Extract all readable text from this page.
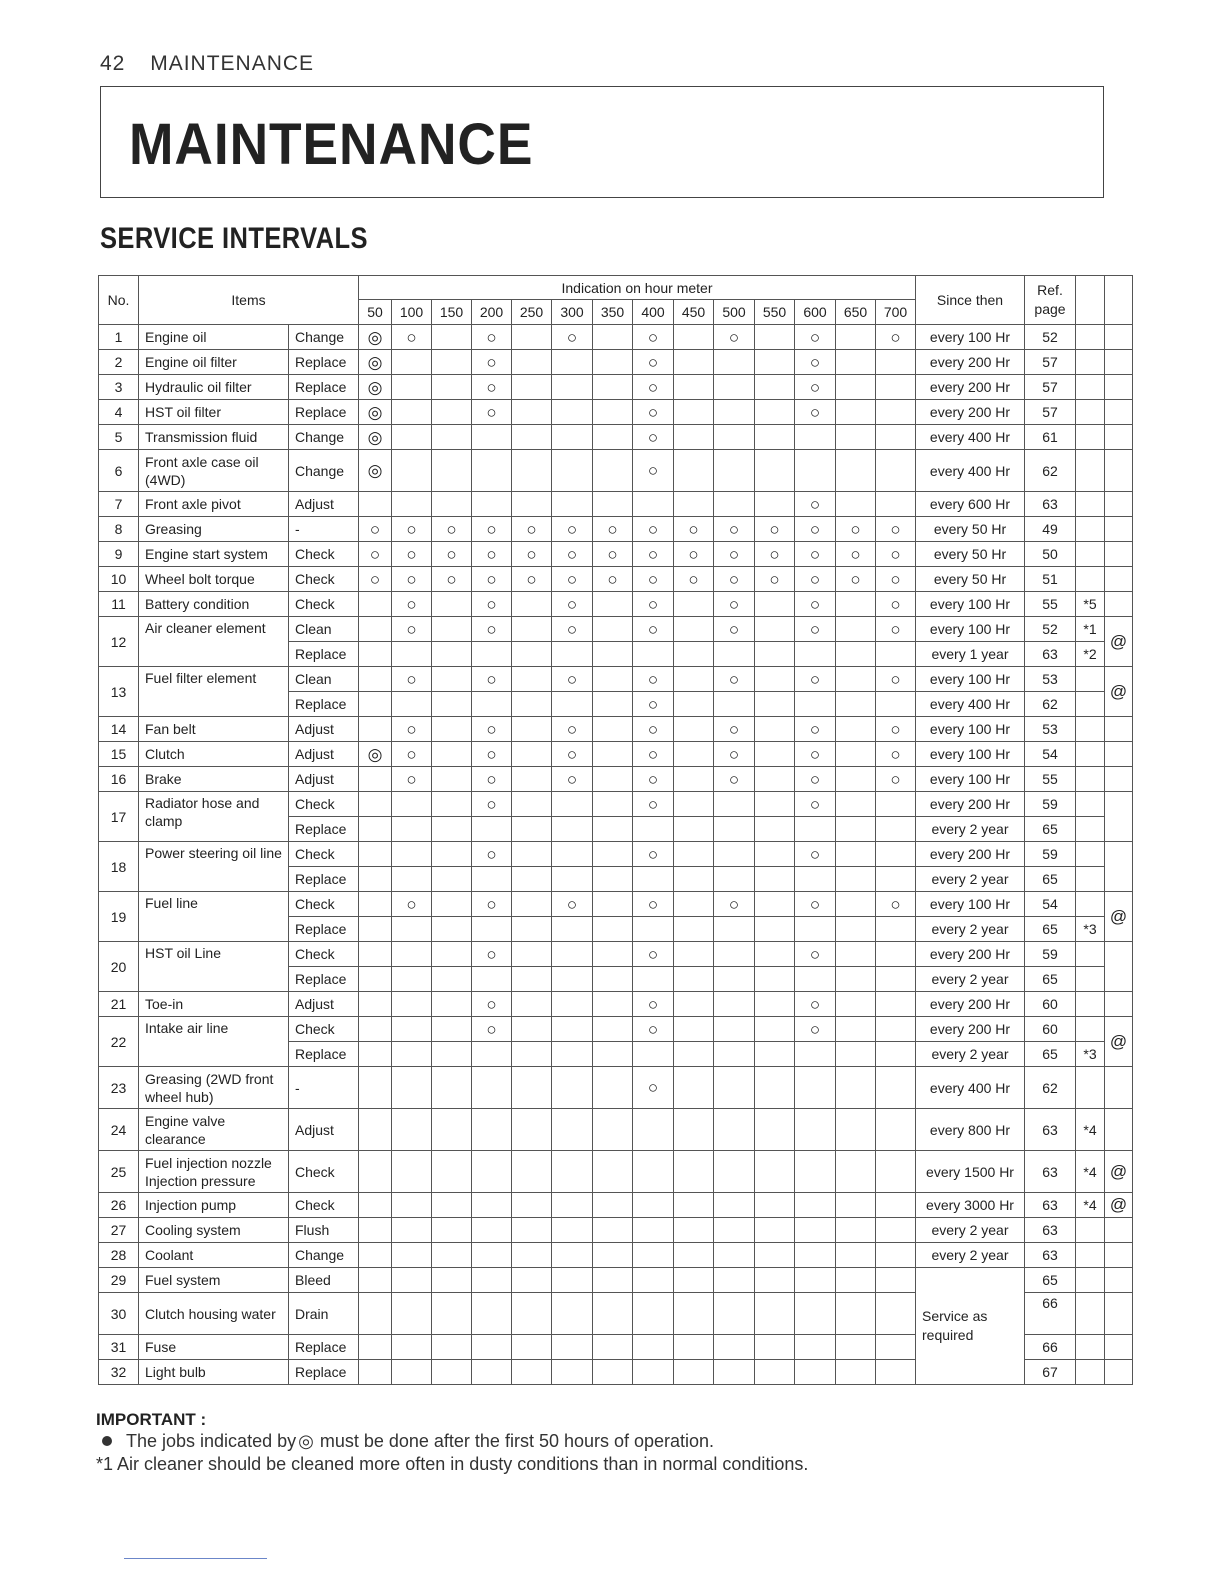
42 MAINTENANCE
MAINTENANCE
SERVICE INTERVALS
No.	Items		Indication on hour meter														Since then	Ref. page		
			50	100	150	200	250	300	350	400	450	500	550	600	650	700				
1	Engine oil	Change	◎	○		○		○		○		○		○		○	every 100 Hr	52		
2	Engine oil filter	Replace	◎			○				○				○			every 200 Hr	57		
3	Hydraulic oil filter	Replace	◎			○				○				○			every 200 Hr	57		
4	HST oil filter	Replace	◎			○				○				○			every 200 Hr	57		
5	Transmission fluid	Change	◎							○							every 400 Hr	61		
6	Front axle case oil (4WD)	Change	◎							○							every 400 Hr	62		
7	Front axle pivot	Adjust												○			every 600 Hr	63		
8	Greasing	-	○	○	○	○	○	○	○	○	○	○	○	○	○	○	every 50 Hr	49		
9	Engine start system	Check	○	○	○	○	○	○	○	○	○	○	○	○	○	○	every 50 Hr	50		
10	Wheel bolt torque	Check	○	○	○	○	○	○	○	○	○	○	○	○	○	○	every 50 Hr	51		
11	Battery condition	Check		○		○		○		○		○		○		○	every 100 Hr	55	*5	
12	Air cleaner element	Clean		○		○		○		○		○		○		○	every 100 Hr	52	*1	@
		Replace															every 1 year	63	*2	
13	Fuel filter element	Clean		○		○		○		○		○		○		○	every 100 Hr	53		@
		Replace								○							every 400 Hr	62		
14	Fan belt	Adjust		○		○		○		○		○		○		○	every 100 Hr	53		
15	Clutch	Adjust	◎	○		○		○		○		○		○		○	every 100 Hr	54		
16	Brake	Adjust		○		○		○		○		○		○		○	every 100 Hr	55		
17	Radiator hose and clamp	Check				○				○				○			every 200 Hr	59		
		Replace															every 2 year	65		
18	Power steering oil line	Check				○				○				○			every 200 Hr	59		
		Replace															every 2 year	65		
19	Fuel line	Check		○		○		○		○		○		○		○	every 100 Hr	54		@
		Replace															every 2 year	65	*3	
20	HST oil Line	Check				○				○				○			every 200 Hr	59		
		Replace															every 2 year	65		
21	Toe-in	Adjust				○				○				○			every 200 Hr	60		
22	Intake air line	Check				○				○				○			every 200 Hr	60		@
		Replace															every 2 year	65	*3	
23	Greasing (2WD front wheel hub)	-								○							every 400 Hr	62		
24	Engine valve clearance	Adjust															every 800 Hr	63	*4	
25	Fuel injection nozzle Injection pressure	Check															every 1500 Hr	63	*4	@
26	Injection pump	Check															every 3000 Hr	63	*4	@
27	Cooling system	Flush															every 2 year	63		
28	Coolant	Change															every 2 year	63		
29	Fuel system	Bleed															Service as required	65		
30	Clutch housing water	Drain																66		
31	Fuse	Replace																66		
32	Light bulb	Replace																67		
IMPORTANT :
The jobs indicated by ◎ must be done after the first 50 hours of operation.
*1 Air cleaner should be cleaned more often in dusty conditions than in normal conditions.
